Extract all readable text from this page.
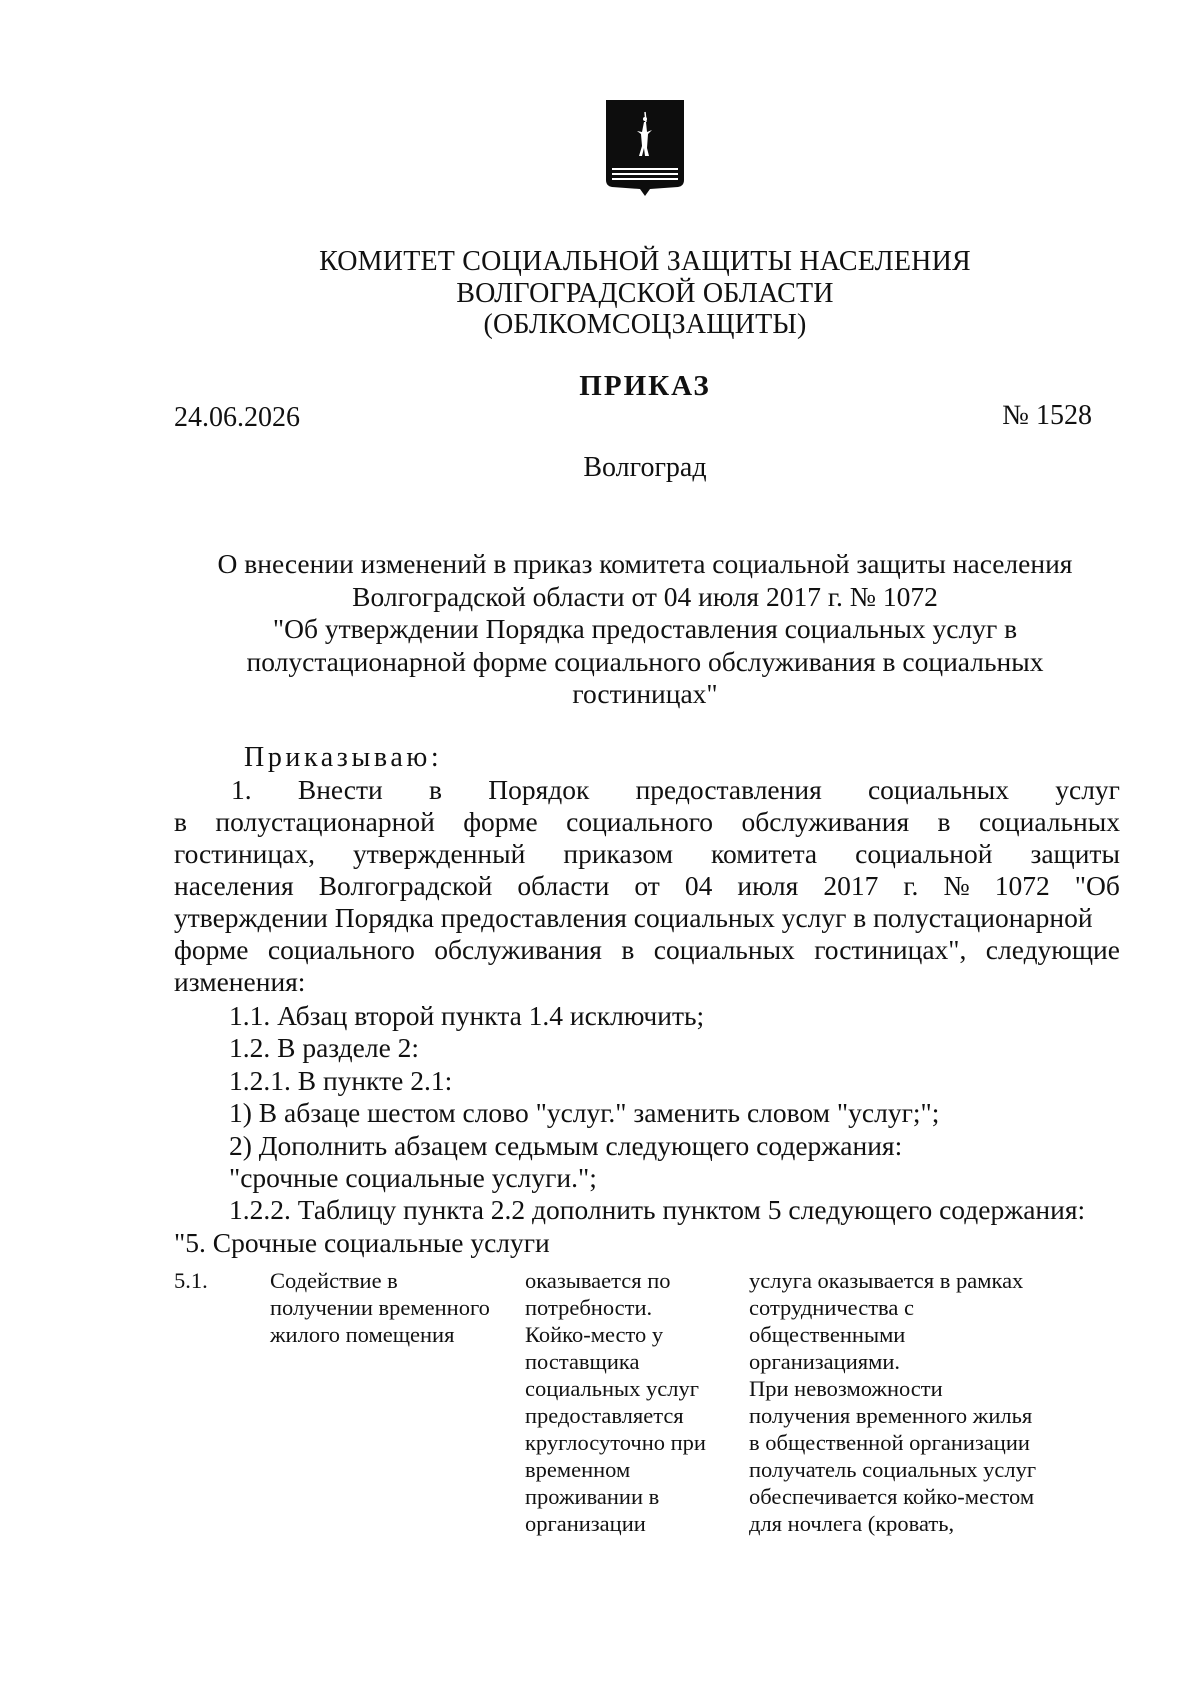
КОМИТЕТ СОЦИАЛЬНОЙ ЗАЩИТЫ НАСЕЛЕНИЯ
ВОЛГОГРАДСКОЙ ОБЛАСТИ
(ОБЛКОМСОЦЗАЩИТЫ)
ПРИКАЗ
24.06.2026	№ 1528
Волгоград
О внесении изменений в приказ комитета социальной защиты населения
Волгоградской области от 04 июля 2017 г. № 1072
"Об утверждении Порядка предоставления социальных услуг в
полустационарной форме социального обслуживания в социальных
гостиницах"
Приказываю:
1. Внести в Порядок предоставления социальных услуг
в полустационарной форме социального обслуживания в социальных
гостиницах, утвержденный приказом комитета социальной защиты
населения Волгоградской области от 04 июля 2017 г. № 1072 "Об
утверждении Порядка предоставления социальных услуг в полустационарной
форме социального обслуживания в социальных гостиницах", следующие
изменения:
1.1. Абзац второй пункта 1.4 исключить;
1.2. В разделе 2:
1.2.1. В пункте 2.1:
1) В абзаце шестом слово "услуг." заменить словом "услуг;";
2) Дополнить абзацем седьмым следующего содержания:
"срочные социальные услуги.";
1.2.2. Таблицу пункта 2.2 дополнить пунктом 5 следующего содержания:
"5. Срочные социальные услуги
5.1.	Содействие в
получении временного
жилого помещения
оказывается по
потребности.
Койко-место у
поставщика
социальных услуг
предоставляется
круглосуточно при
временном
проживании в
организации
услуга оказывается в рамках
сотрудничества с
общественными
организациями.
При невозможности
получения временного жилья
в общественной организации
получатель социальных услуг
обеспечивается койко-местом
для ночлега (кровать,
